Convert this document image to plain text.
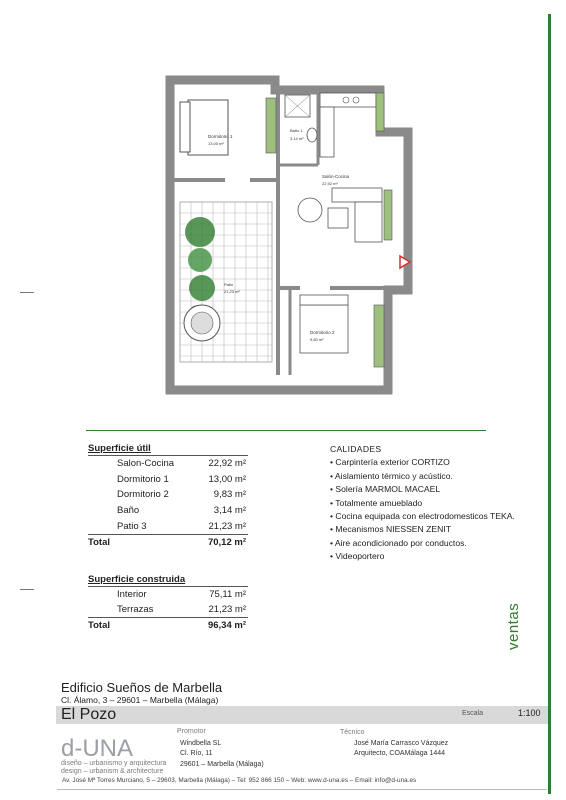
Dormitorio 1
13,00 m²
Baño 1
3,14 m²
Salón-Cocina
22,92 m²
Patio
21,23 m²
Dormitorio 2
9,83 m²
Superficie útil
Salon-Cocina	22,92 m²
Dormitorio 1	13,00 m²
Dormitorio 2	9,83 m²
Baño	3,14 m²
Patio 3	21,23 m²
Total	70,12 m²
Superficie construida
Interior	75,11 m²
Terrazas	21,23 m²
Total	96,34 m²
CALIDADES
• Carpintería exterior CORTIZO
• Aislamiento térmico y acústico.
• Solería MARMOL MACAEL
• Totalmente amueblado
• Cocina equipada con electrodomesticos TEKA.
• Mecanismos NIESSEN ZENIT
• Aire acondicionado por conductos.
• Videoportero
ventas
Edificio Sueños de Marbella
Cl. Álamo, 3 – 29601 – Marbella (Málaga)
El Pozo	Escala	1:100
d-UNA
diseño – urbanismo y arquitectura
design – urbanism & architecture
Promotor
Windbella SL
Cl. Río, 11
29601 – Marbella (Málaga)
Técnico
José María Carrasco Vázquez
Arquitecto, COAMálaga 1444
Av. José Mª Torres Murciano, 5 – 29603, Marbella (Málaga) – Tel: 952 866 150 – Web: www.d-una.es – Email: info@d-una.es
